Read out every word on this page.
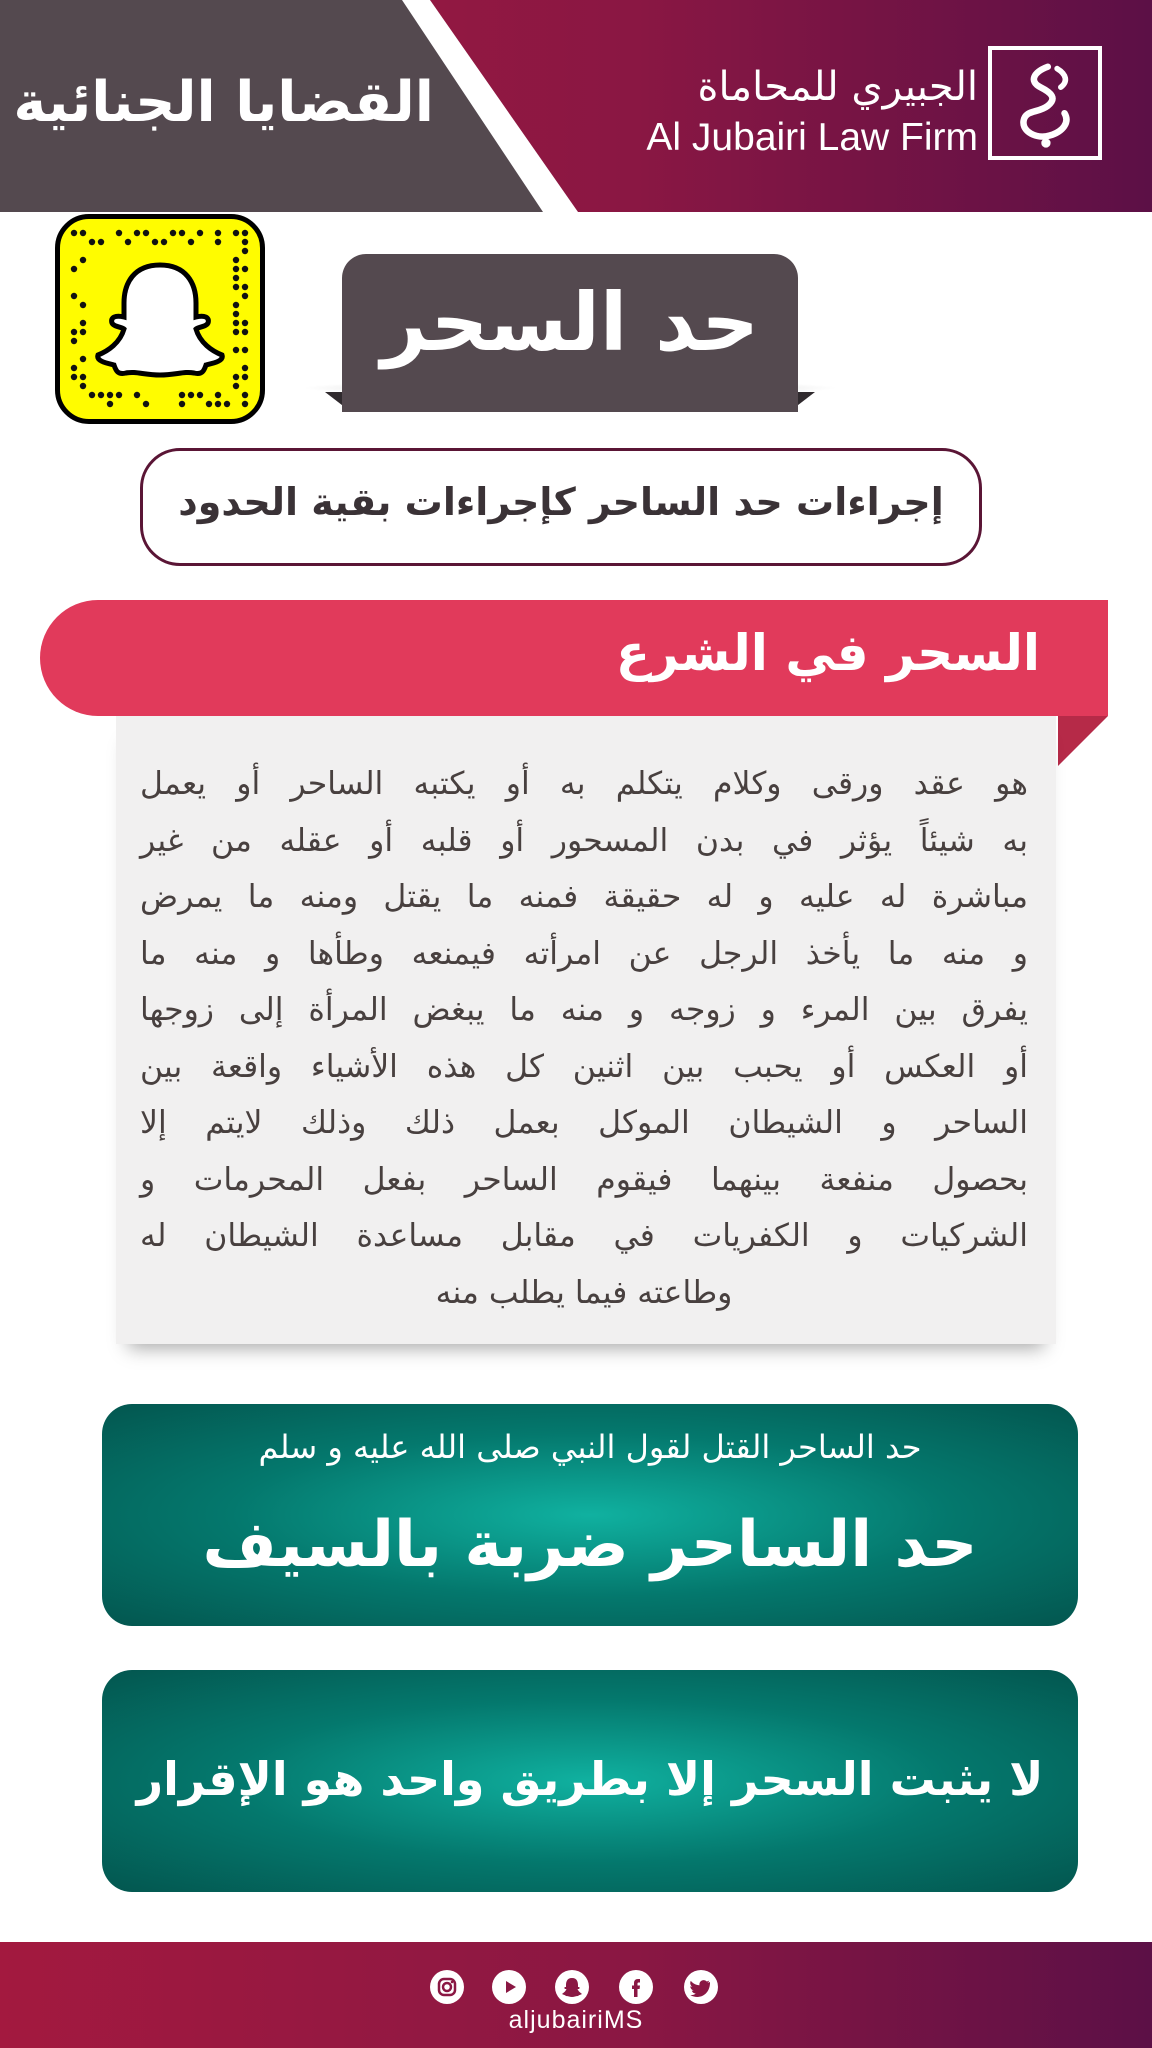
القضايا الجنائية	الجبيري للمحاماة
Al Jubairi Law Firm
حد السحر
إجراءات حد الساحر كإجراءات بقية الحدود
السحر في الشرع
هو عقد ورقى وكلام يتكلم به أو يكتبه الساحر أو يعمل
به شيئاً يؤثر في بدن المسحور أو قلبه أو عقله من غير
مباشرة له عليه و له حقيقة فمنه ما يقتل ومنه ما يمرض
و منه ما يأخذ الرجل عن امرأته فيمنعه وطأها و منه ما
يفرق بين المرء و زوجه و منه ما يبغض المرأة إلى زوجها
أو العكس أو يحبب بين اثنين كل هذه الأشياء واقعة بين
الساحر و الشيطان الموكل بعمل ذلك وذلك لايتم إلا
بحصول منفعة بينهما فيقوم الساحر بفعل المحرمات و
الشركيات و الكفريات في مقابل مساعدة الشيطان له
وطاعته فيما يطلب منه
حد الساحر القتل لقول النبي صلى الله عليه و سلم
حد الساحر ضربة بالسيف
لا يثبت السحر إلا بطريق واحد هو الإقرار
aljubairiMS
